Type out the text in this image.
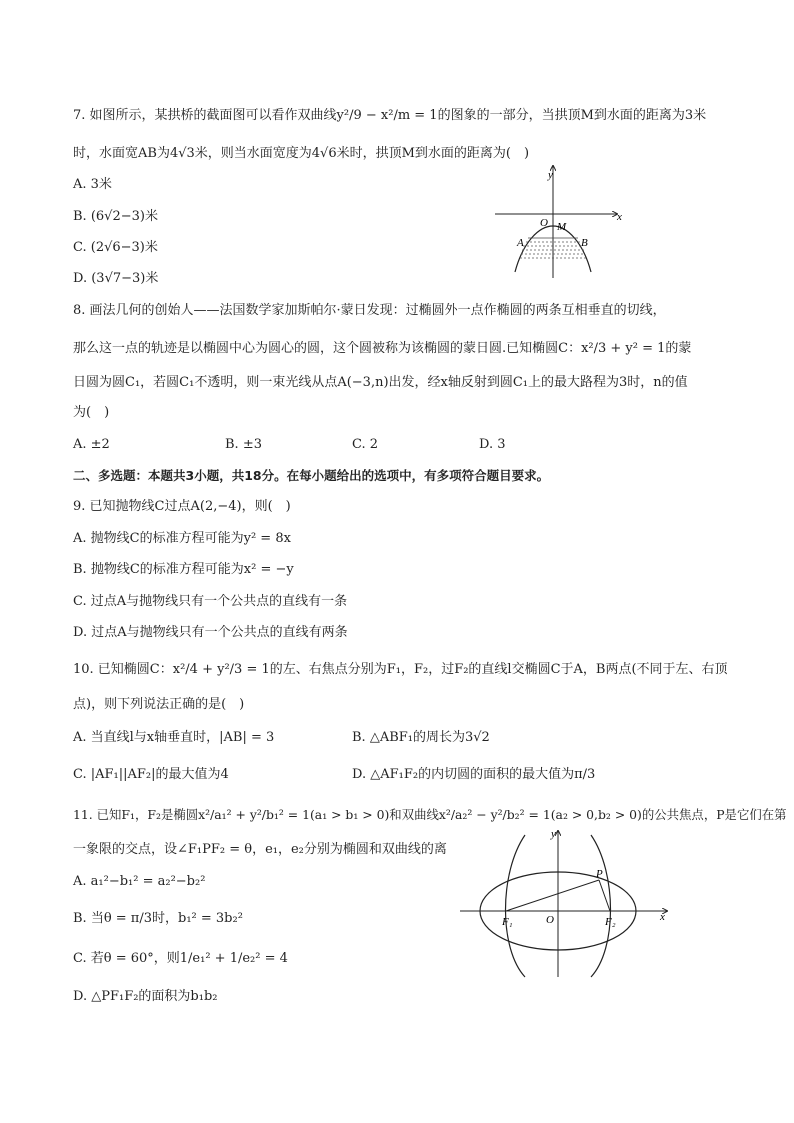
7. 如图所示，某拱桥的截面图可以看作双曲线y²/9 − x²/m = 1的图象的一部分，当拱顶M到水面的距离为3米
时，水面宽AB为4√3米，则当水面宽度为4√6米时，拱顶M到水面的距离为(　)
A. 3米
B. (6√2−3)米
C. (2√6−3)米
D. (3√7−3)米
y
x
O M
A	B
8. 画法几何的创始人——法国数学家加斯帕尔·蒙日发现：过椭圆外一点作椭圆的两条互相垂直的切线，
那么这一点的轨迹是以椭圆中心为圆心的圆，这个圆被称为该椭圆的蒙日圆.已知椭圆C：x²/3 + y² = 1的蒙
日圆为圆C₁，若圆C₁不透明，则一束光线从点A(−3,n)出发，经x轴反射到圆C₁上的最大路程为3时，n的值
为(　)
A. ±2	B. ±3	C. 2	D. 3
二、多选题：本题共3小题，共18分。在每小题给出的选项中，有多项符合题目要求。
9. 已知抛物线C过点A(2,−4)，则(　)
A. 抛物线C的标准方程可能为y² = 8x
B. 抛物线C的标准方程可能为x² = −y
C. 过点A与抛物线只有一个公共点的直线有一条
D. 过点A与抛物线只有一个公共点的直线有两条
10. 已知椭圆C：x²/4 + y²/3 = 1的左、右焦点分别为F₁，F₂，过F₂的直线l交椭圆C于A，B两点(不同于左、右顶
点)，则下列说法正确的是(　)
A. 当直线l与x轴垂直时，|AB| = 3	B. △ABF₁的周长为3√2
C. |AF₁||AF₂|的最大值为4	D. △AF₁F₂的内切圆的面积的最大值为π/3
11. 已知F₁，F₂是椭圆x²/a₁² + y²/b₁² = 1(a₁ > b₁ > 0)和双曲线x²/a₂² − y²/b₂² = 1(a₂ > 0,b₂ > 0)的公共焦点，P是它们在第
一象限的交点，设∠F₁PF₂ = θ，e₁，e₂分别为椭圆和双曲线的离
A. a₁²−b₁² = a₂²−b₂²
B. 当θ = π/3时，b₁² = 3b₂²
C. 若θ = 60°，则1/e₁² + 1/e₂² = 4
D. △PF₁F₂的面积为b₁b₂
y
x
O
P
F₁	F₂
